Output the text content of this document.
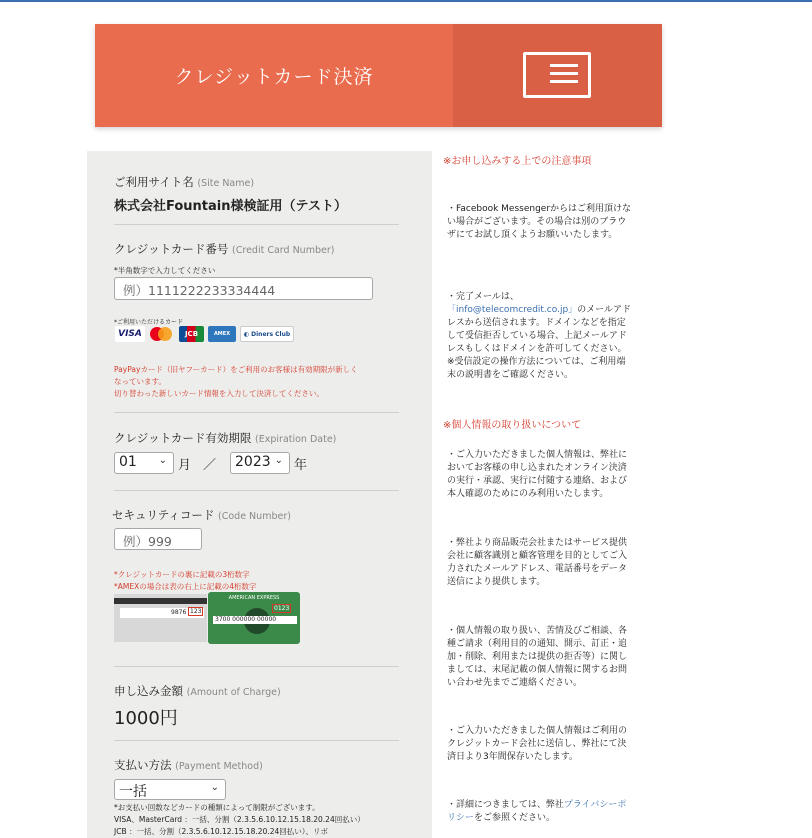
クレジットカード決済
ご利用サイト名 (Site Name)
株式会社Fountain様検証用（テスト）
クレジットカード番号 (Credit Card Number)
*半角数字で入力してください
例）1111222233334444
*ご利用いただけるカード
VISA	JCB	AMEX	◐ Diners Club
PayPayカード（旧ヤフーカード）をご利用のお客様は有効期限が新しく
なっています。
切り替わった新しいカード情報を入力して決済してください。
クレジットカード有効期限 (Expiration Date)
01 ⌄ 月 ／	2023 ⌄ 年
セキュリティコード (Code Number)
例）999
*クレジットカードの裏に記載の3桁数字
*AMEXの場合は表の右上に記載の4桁数字
9876 123
AMERICAN EXPRESS
0123
3700 000000 00000
申し込み金額 (Amount of Charge)
1000円
支払い方法 (Payment Method)
一括	⌄
*お支払い回数などカードの種類によって制限がございます。
VISA、MasterCard ：一括、分割（2.3.5.6.10.12.15.18.20.24回払い）
JCB ：一括、分割（2.3.5.6.10.12.15.18.20.24回払い）、リボ
※お申し込みする上での注意事項
・Facebook Messengerからはご利用頂けない場合がございます。その場合は別のブラウザにてお試し頂くようお願いいたします。
・完了メールは、
「info@telecomcredit.co.jp」のメールアドレスから送信されます。ドメインなどを指定して受信拒否している場合、上記メールアドレスもしくはドメインを許可してください。※受信設定の操作方法については、ご利用端末の説明書をご確認ください。
※個人情報の取り扱いについて
・ご入力いただきました個人情報は、弊社においてお客様の申し込まれたオンライン決済の実行・承認、実行に付随する連絡、および本人確認のためにのみ利用いたします。
・弊社より商品販売会社またはサービス提供会社に顧客識別と顧客管理を目的としてご入力されたメールアドレス、電話番号をデータ送信により提供します。
・個人情報の取り扱い、苦情及びご相談、各種ご請求（利用目的の通知、開示、訂正・追加・削除、利用または提供の拒否等）に関しましては、末尾記載の個人情報に関するお問い合わせ先までご連絡ください。
・ご入力いただきました個人情報はご利用のクレジットカード会社に送信し、弊社にて決済日より3年間保存いたします。
・詳細につきましては、弊社プライバシーポリシーをご参照ください。
